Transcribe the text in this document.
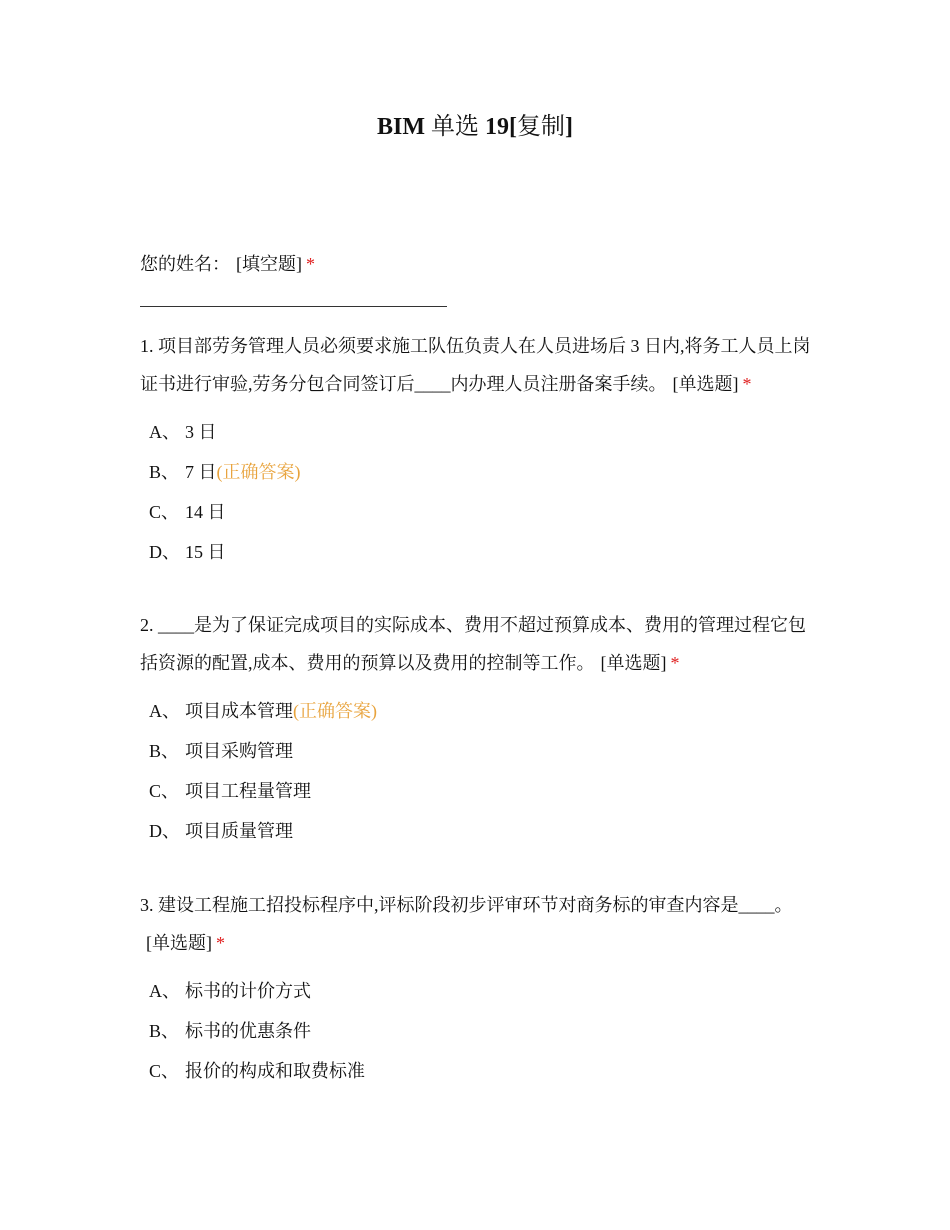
BIM 单选 19[复制]
您的姓名： [填空题] *
1. 项目部劳务管理人员必须要求施工队伍负责人在人员进场后 3 日内,将务工人员上岗证书进行审验,劳务分包合同签订后____内办理人员注册备案手续。 [单选题] *
A、 3 日
B、 7 日(正确答案)
C、 14 日
D、 15 日
2. ____是为了保证完成项目的实际成本、费用不超过预算成本、费用的管理过程它包括资源的配置,成本、费用的预算以及费用的控制等工作。 [单选题] *
A、 项目成本管理(正确答案)
B、 项目采购管理
C、 项目工程量管理
D、 项目质量管理
3. 建设工程施工招投标程序中,评标阶段初步评审环节对商务标的审查内容是____。[单选题] *
A、 标书的计价方式
B、 标书的优惠条件
C、 报价的构成和取费标准
